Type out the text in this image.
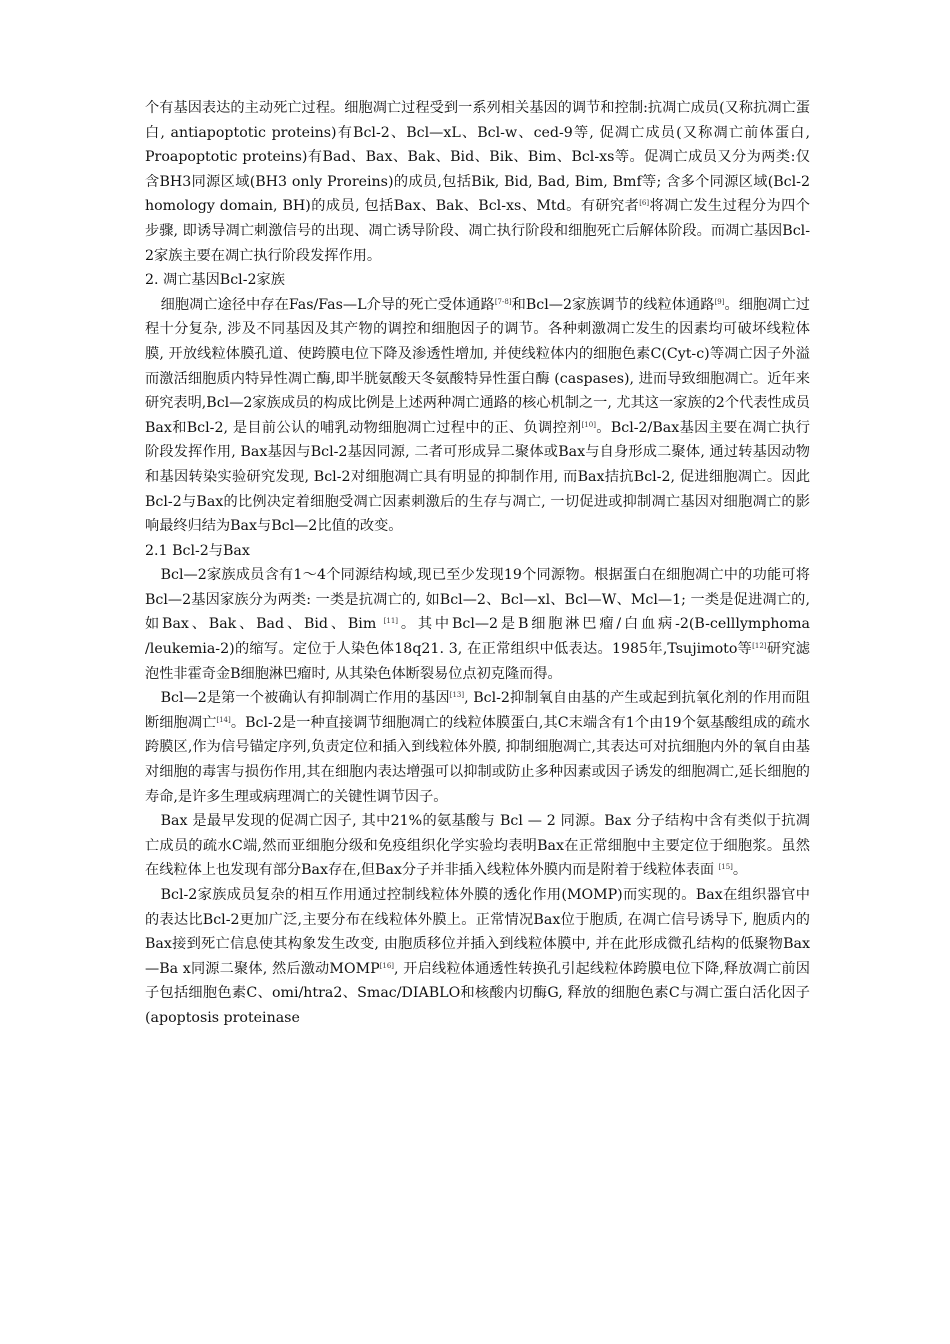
个有基因表达的主动死亡过程。细胞凋亡过程受到一系列相关基因的调节和控制:抗凋亡成员(又称抗凋亡蛋白, antiapoptotic proteins)有Bcl-2、Bcl—xL、Bcl-w、ced-9等, 促凋亡成员(又称凋亡前体蛋白, Proapoptotic proteins)有Bad、Bax、Bak、Bid、Bik、Bim、Bcl-xs等。促凋亡成员又分为两类:仅含BH3同源区域(BH3 only Proreins)的成员,包括Bik, Bid, Bad, Bim, Bmf等; 含多个同源区域(Bcl-2 homology domain, BH)的成员, 包括Bax、Bak、Bcl-xs、Mtd。有研究者[6]将凋亡发生过程分为四个步骤, 即诱导凋亡刺激信号的出现、凋亡诱导阶段、凋亡执行阶段和细胞死亡后解体阶段。而凋亡基因Bcl-2家族主要在凋亡执行阶段发挥作用。

2. 凋亡基因Bcl-2家族

细胞凋亡途径中存在Fas/Fas—L介导的死亡受体通路[7-8]和Bcl—2家族调节的线粒体通路[9]。细胞凋亡过程十分复杂, 涉及不同基因及其产物的调控和细胞因子的调节。各种刺激凋亡发生的因素均可破坏线粒体膜, 开放线粒体膜孔道、使跨膜电位下降及渗透性增加, 并使线粒体内的细胞色素C(Cyt-c)等凋亡因子外溢而激活细胞质内特异性凋亡酶,即半胱氨酸天冬氨酸特异性蛋白酶 (caspases), 进而导致细胞凋亡。近年来研究表明,Bcl—2家族成员的构成比例是上述两种凋亡通路的核心机制之一, 尤其这一家族的2个代表性成员Bax和Bcl-2, 是目前公认的哺乳动物细胞凋亡过程中的正、负调控剂[10]。Bcl-2/Bax基因主要在凋亡执行阶段发挥作用, Bax基因与Bcl-2基因同源, 二者可形成异二聚体或Bax与自身形成二聚体, 通过转基因动物和基因转染实验研究发现, Bcl-2对细胞凋亡具有明显的抑制作用, 而Bax拮抗Bcl-2, 促进细胞凋亡。因此Bcl-2与Bax的比例决定着细胞受凋亡因素刺激后的生存与凋亡, 一切促进或抑制凋亡基因对细胞凋亡的影响最终归结为Bax与Bcl—2比值的改变。

2.1 Bcl-2与Bax

Bcl—2家族成员含有1～4个同源结构域,现已至少发现19个同源物。根据蛋白在细胞凋亡中的功能可将Bcl—2基因家族分为两类: 一类是抗凋亡的, 如Bcl—2、Bcl—xl、Bcl—W、Mcl—1; 一类是促进凋亡的, 如Bax、Bak、Bad、Bid、Bim [11]。其中Bcl—2是B细胞淋巴瘤/白血病-2(B-celllymphoma /leukemia-2)的缩写。定位于人染色体18q21. 3, 在正常组织中低表达。1985年,Tsujimoto等[12]研究滤泡性非霍奇金B细胞淋巴瘤时, 从其染色体断裂易位点初克隆而得。

Bcl—2是第一个被确认有抑制凋亡作用的基因[13], Bcl-2抑制氧自由基的产生或起到抗氧化剂的作用而阻断细胞凋亡[14]。Bcl-2是一种直接调节细胞凋亡的线粒体膜蛋白,其C末端含有1个由19个氨基酸组成的疏水跨膜区,作为信号锚定序列,负责定位和插入到线粒体外膜, 抑制细胞凋亡,其表达可对抗细胞内外的氧自由基对细胞的毒害与损伤作用,其在细胞内表达增强可以抑制或防止多种因素或因子诱发的细胞凋亡,延长细胞的寿命,是许多生理或病理凋亡的关键性调节因子。

Bax 是最早发现的促凋亡因子, 其中21%的氨基酸与 Bcl — 2 同源。Bax 分子结构中含有类似于抗凋亡成员的疏水C端,然而亚细胞分级和免疫组织化学实验均表明Bax在正常细胞中主要定位于细胞浆。虽然在线粒体上也发现有部分Bax存在,但Bax分子并非插入线粒体外膜内而是附着于线粒体表面 [15]。

Bcl-2家族成员复杂的相互作用通过控制线粒体外膜的透化作用(MOMP)而实现的。Bax在组织器官中的表达比Bcl-2更加广泛,主要分布在线粒体外膜上。正常情况Bax位于胞质, 在凋亡信号诱导下, 胞质内的Bax接到死亡信息使其构象发生改变, 由胞质移位并插入到线粒体膜中, 并在此形成微孔结构的低聚物Bax—Ba x同源二聚体, 然后激动MOMP[16], 开启线粒体通透性转换孔引起线粒体跨膜电位下降,释放凋亡前因子包括细胞色素C、omi/htra2、Smac/DIABLO和核酸内切酶G, 释放的细胞色素C与凋亡蛋白活化因子 (apoptosis proteinase
